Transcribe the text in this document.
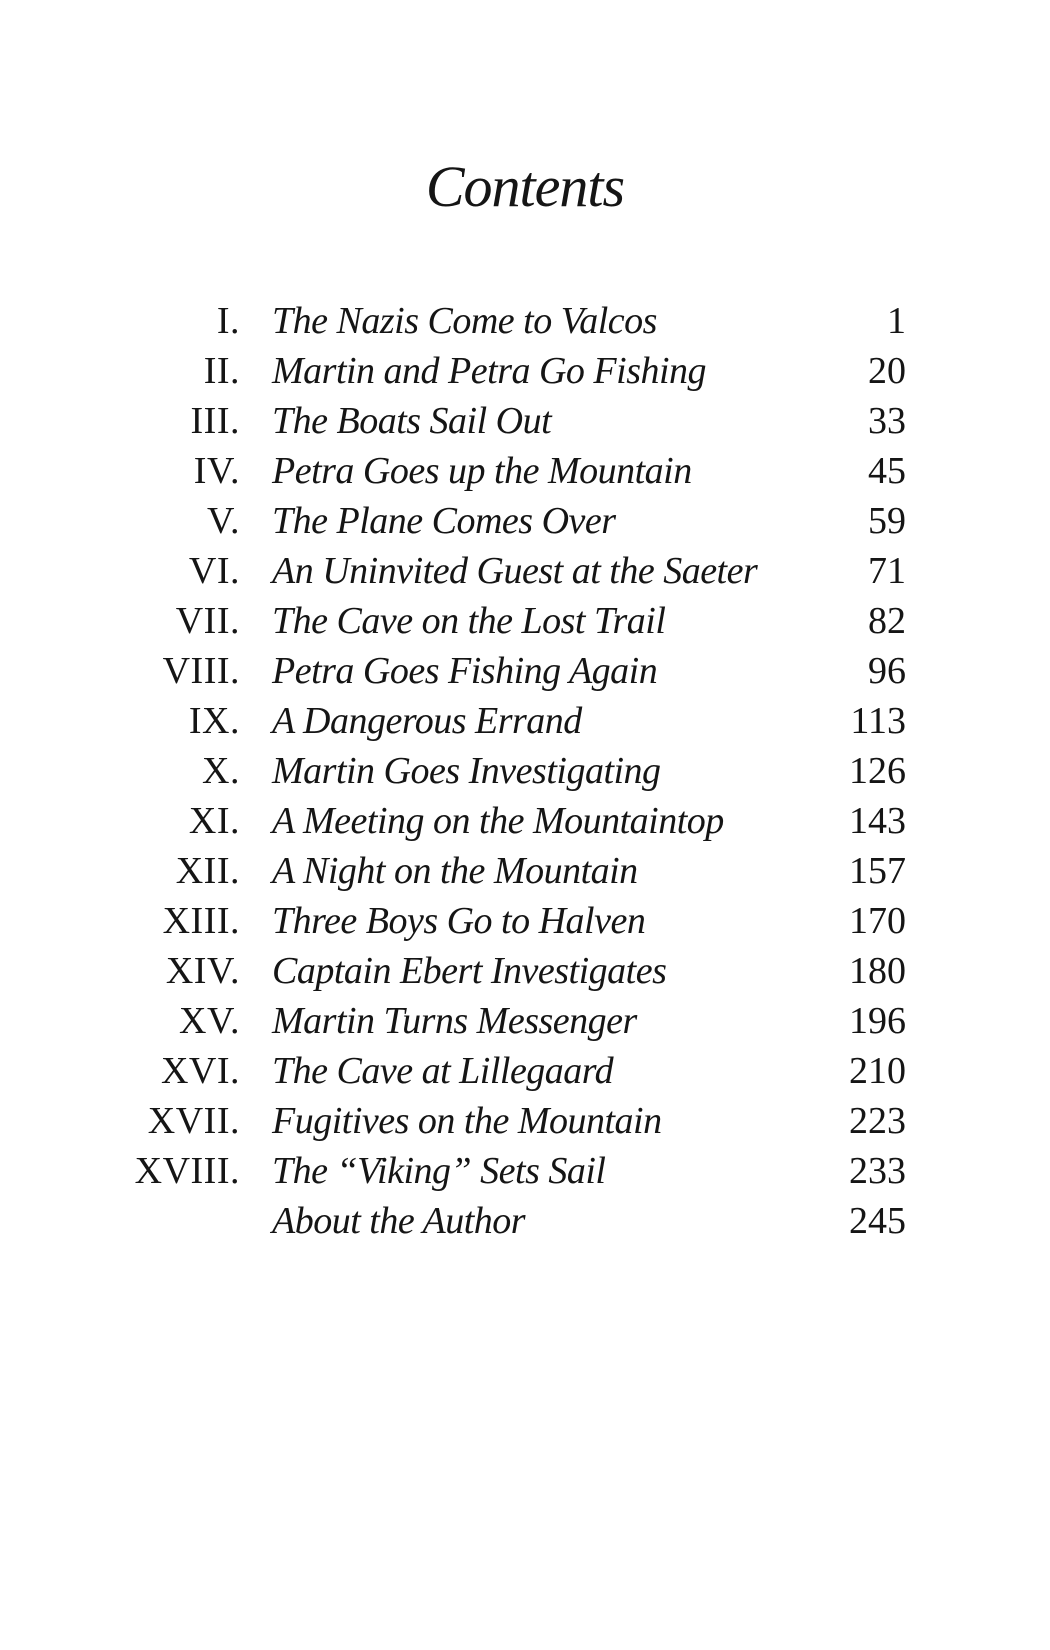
Contents
I. The Nazis Come to Valcos	1
II. Martin and Petra Go Fishing	20
III. The Boats Sail Out	33
IV. Petra Goes up the Mountain	45
V. The Plane Comes Over	59
VI. An Uninvited Guest at the Saeter	71
VII. The Cave on the Lost Trail	82
VIII. Petra Goes Fishing Again	96
IX. A Dangerous Errand	113
X. Martin Goes Investigating	126
XI. A Meeting on the Mountaintop	143
XII. A Night on the Mountain	157
XIII. Three Boys Go to Halven	170
XIV. Captain Ebert Investigates	180
XV. Martin Turns Messenger	196
XVI. The Cave at Lillegaard	210
XVII. Fugitives on the Mountain	223
XVIII. The “Viking” Sets Sail	233
About the Author	245
